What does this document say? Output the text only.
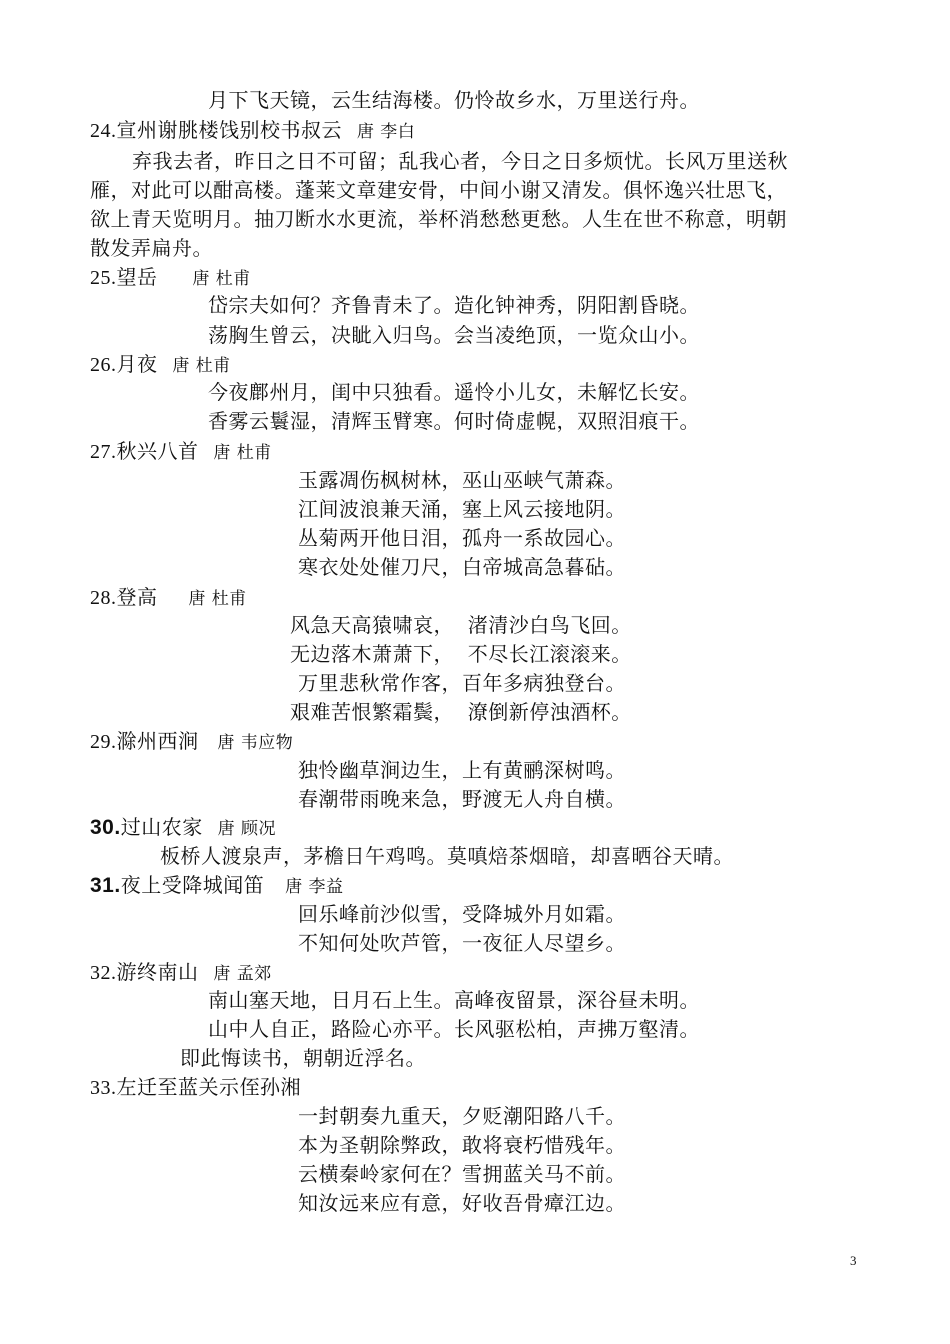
月下飞天镜，云生结海楼。仍怜故乡水，万里送行舟。
24.宣州谢朓楼饯别校书叔云 唐 李白
弃我去者，昨日之日不可留；乱我心者，今日之日多烦忧。长风万里送秋
雁，对此可以酣高楼。蓬莱文章建安骨，中间小谢又清发。俱怀逸兴壮思飞，
欲上青天览明月。抽刀断水水更流，举杯消愁愁更愁。人生在世不称意，明朝
散发弄扁舟。
25.望岳 唐 杜甫
岱宗夫如何？齐鲁青未了。造化钟神秀，阴阳割昏晓。
荡胸生曾云，决眦入归鸟。会当凌绝顶，一览众山小。
26.月夜 唐 杜甫
今夜鄜州月，闺中只独看。遥怜小儿女，未解忆长安。
香雾云鬟湿，清辉玉臂寒。何时倚虚幌，双照泪痕干。
27.秋兴八首 唐 杜甫
玉露凋伤枫树林，巫山巫峡气萧森。
江间波浪兼天涌，塞上风云接地阴。
丛菊两开他日泪，孤舟一系故园心。
寒衣处处催刀尺，白帝城高急暮砧。
28.登高 唐 杜甫
风急天高猿啸哀，  渚清沙白鸟飞回。
无边落木萧萧下，  不尽长江滚滚来。
万里悲秋常作客，百年多病独登台。
艰难苦恨繁霜鬓，  潦倒新停浊酒杯。
29.滁州西涧 唐 韦应物
独怜幽草涧边生，上有黄鹂深树鸣。
春潮带雨晚来急，野渡无人舟自横。
30.过山农家 唐 顾况
板桥人渡泉声，茅檐日午鸡鸣。莫嗔焙茶烟暗，却喜晒谷天晴。
31.夜上受降城闻笛 唐 李益
回乐峰前沙似雪，受降城外月如霜。
不知何处吹芦管，一夜征人尽望乡。
32.游终南山 唐 孟郊
南山塞天地，日月石上生。高峰夜留景，深谷昼未明。
山中人自正，路险心亦平。长风驱松柏，声拂万壑清。
即此悔读书，朝朝近浮名。
33.左迁至蓝关示侄孙湘
一封朝奏九重天，夕贬潮阳路八千。
本为圣朝除弊政，敢将衰朽惜残年。
云横秦岭家何在？雪拥蓝关马不前。
知汝远来应有意，好收吾骨瘴江边。
3
